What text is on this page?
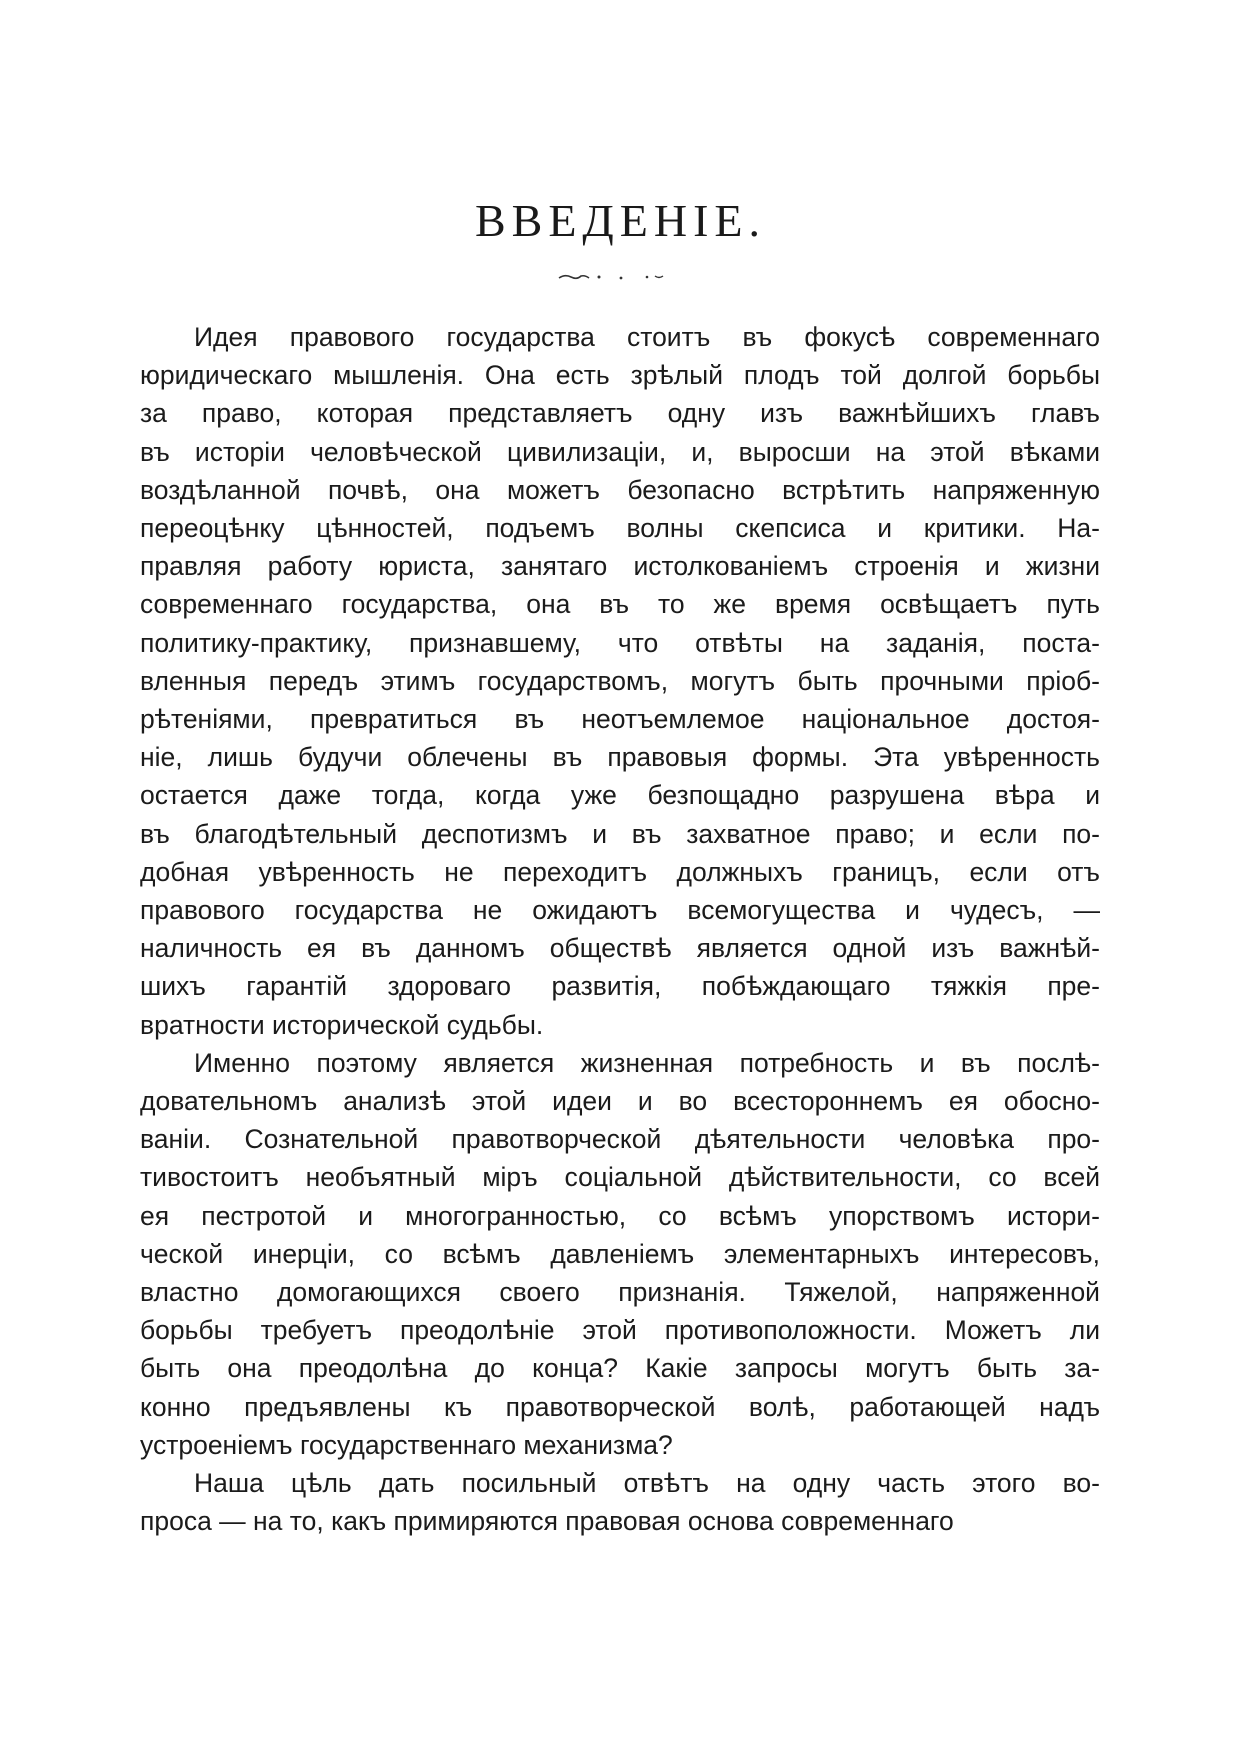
ВВЕДЕНІЕ.
Идея правового государства стоитъ въ фокусѣ современнаго
юридическаго мышленія. Она есть зрѣлый плодъ той долгой борьбы
за право, которая представляетъ одну изъ важнѣйшихъ главъ
въ исторіи человѣческой цивилизаціи, и, выросши на этой вѣками
воздѣланной почвѣ, она можетъ безопасно встрѣтить напряженную
переоцѣнку цѣнностей, подъемъ волны скепсиса и критики. На-
правляя работу юриста, занятаго истолкованіемъ строенія и жизни
современнаго государства, она въ то же время освѣщаетъ путь
политику-практику, признавшему, что отвѣты на заданія, поста-
вленныя передъ этимъ государствомъ, могутъ быть прочными пріоб-
рѣтеніями, превратиться въ неотъемлемое національное достоя-
ніе, лишь будучи облечены въ правовыя формы. Эта увѣренность
остается даже тогда, когда уже безпощадно разрушена вѣра и
въ благодѣтельный деспотизмъ и въ захватное право; и если по-
добная увѣренность не переходитъ должныхъ границъ, если отъ
правового государства не ожидаютъ всемогущества и чудесъ, —
наличность ея въ данномъ обществѣ является одной изъ важнѣй-
шихъ гарантій здороваго развитія, побѣждающаго тяжкія пре-
вратности исторической судьбы.
Именно поэтому является жизненная потребность и въ послѣ-
довательномъ анализѣ этой идеи и во всестороннемъ ея обосно-
ваніи. Сознательной правотворческой дѣятельности человѣка про-
тивостоитъ необъятный міръ соціальной дѣйствительности, со всей
ея пестротой и многогранностью, со всѣмъ упорствомъ истори-
ческой инерціи, со всѣмъ давленіемъ элементарныхъ интересовъ,
властно домогающихся своего признанія. Тяжелой, напряженной
борьбы требуетъ преодолѣніе этой противоположности. Можетъ ли
быть она преодолѣна до конца? Какіе запросы могутъ быть за-
конно предъявлены къ правотворческой волѣ, работающей надъ
устроеніемъ государственнаго механизма?
Наша цѣль дать посильный отвѣтъ на одну часть этого во-
проса — на то, какъ примиряются правовая основа современнаго
